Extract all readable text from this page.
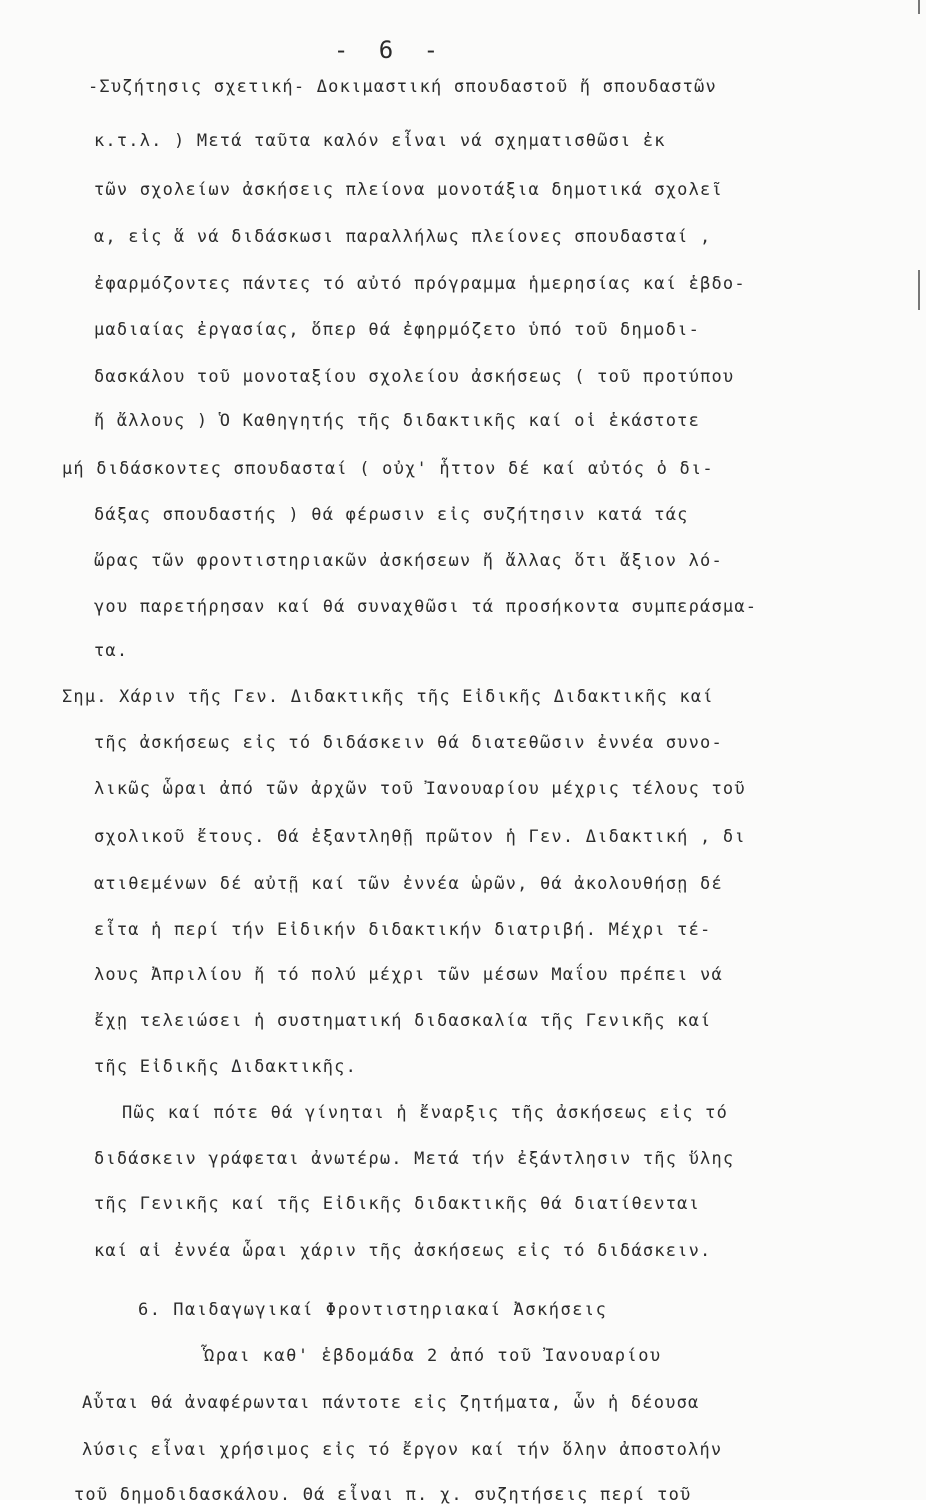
- 6 -
-Συζήτησις σχετική- Δοκιμαστική σπουδαστοῦ ἤ σπουδαστῶν
κ.τ.λ. ) Μετά ταῦτα καλόν εἶναι νά σχηματισθῶσι ἐκ
τῶν σχολείων ἀσκήσεις πλείονα μονοτάξια δημοτικά σχολεῖ
α, εἰς ἅ νά διδάσκωσι παραλλήλως πλείονες σπουδασταί ,
ἐφαρμόζοντες πάντες τό αὐτό πρόγραμμα ἡμερησίας καί ἑβδο-
μαδιαίας ἐργασίας, ὅπερ θά ἐφηρμόζετο ὑπό τοῦ δημοδι-
δασκάλου τοῦ μονοταξίου σχολείου ἀσκήσεως ( τοῦ προτύπου
ἤ ἄλλους ) Ὁ Καθηγητής τῆς διδακτικῆς καί οἱ ἑκάστοτε
μή διδάσκοντες σπουδασταί ( οὐχ' ἧττον δέ καί αὐτός ὁ δι-
δάξας σπουδαστής ) θά φέρωσιν εἰς συζήτησιν κατά τάς
ὥρας τῶν φροντιστηριακῶν ἀσκήσεων ἤ ἄλλας ὅτι ἄξιον λό-
γου παρετήρησαν καί θά συναχθῶσι τά προσήκοντα συμπεράσμα-
τα.
Σημ. Χάριν τῆς Γεν. Διδακτικῆς τῆς Εἰδικῆς Διδακτικῆς καί
τῆς ἀσκήσεως εἰς τό διδάσκειν θά διατεθῶσιν ἐννέα συνο-
λικῶς ὧραι ἀπό τῶν ἀρχῶν τοῦ Ἰανουαρίου μέχρις τέλους τοῦ
σχολικοῦ ἔτους. Θά ἐξαντληθῇ πρῶτον ἡ Γεν. Διδακτική , δι
ατιθεμένων δέ αὐτῇ καί τῶν ἐννέα ὡρῶν, θά ἀκολουθήσῃ δέ
εἶτα ἡ περί τήν Εἰδικήν διδακτικήν διατριβή. Μέχρι τέ-
λους Ἀπριλίου ἤ τό πολύ μέχρι τῶν μέσων Μαΐου πρέπει νά
ἔχῃ τελειώσει ἡ συστηματική διδασκαλία τῆς Γενικῆς καί
τῆς Εἰδικῆς Διδακτικῆς.
Πῶς καί πότε θά γίνηται ἡ ἔναρξις τῆς ἀσκήσεως εἰς τό
διδάσκειν γράφεται ἀνωτέρω. Μετά τήν ἐξάντλησιν τῆς ὕλης
τῆς Γενικῆς καί τῆς Εἰδικῆς διδακτικῆς θά διατίθενται
καί αἱ ἐννέα ὧραι χάριν τῆς ἀσκήσεως εἰς τό διδάσκειν.
6. Παιδαγωγικαί Φροντιστηριακαί Ἀσκήσεις
Ὧραι καθ' ἑβδομάδα 2 ἀπό τοῦ Ἰανουαρίου
Αὗται θά ἀναφέρωνται πάντοτε εἰς ζητήματα, ὧν ἡ δέουσα
λύσις εἶναι χρήσιμος εἰς τό ἔργον καί τήν ὅλην ἀποστολήν
τοῦ δημοδιδασκάλου. Θά εἶναι π. χ. συζητήσεις περί τοῦ
